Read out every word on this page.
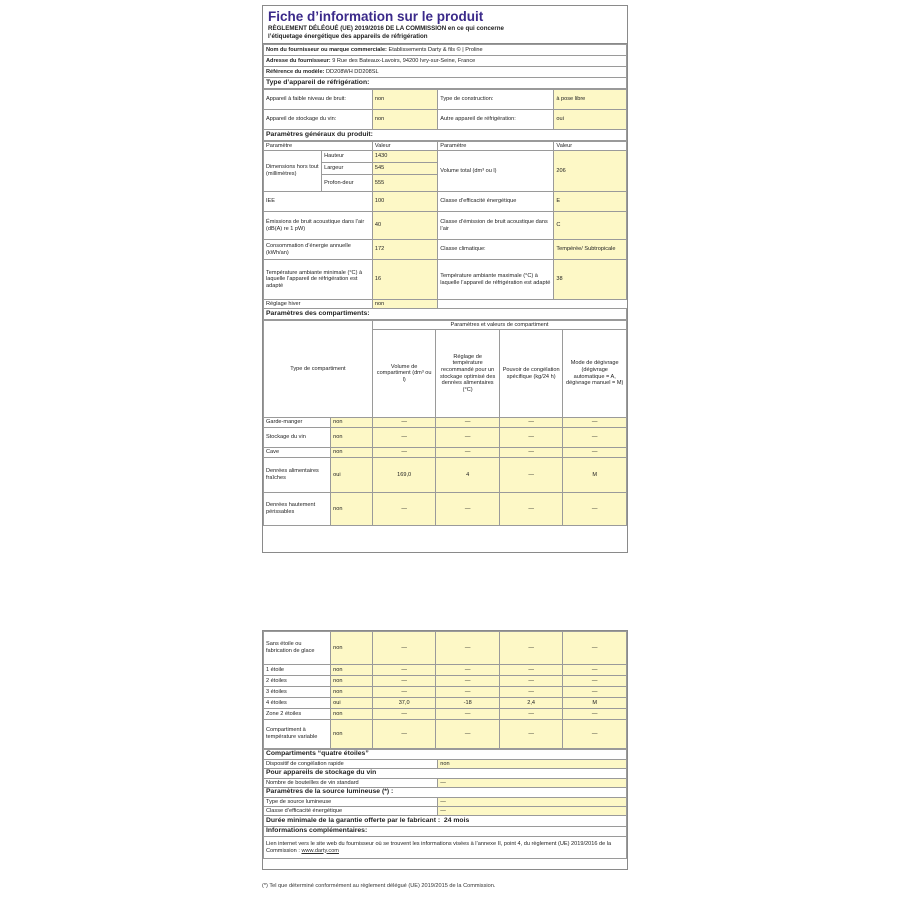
Fiche d’information sur le produit
RÈGLEMENT DÉLÉGUÉ (UE) 2019/2016 DE LA COMMISSION en ce qui concerne
l’étiquetage énergétique des appareils de réfrigération
Nom du fournisseur ou marque commerciale: Etablissements Darty & fils © | Proline
Adresse du fournisseur: 9 Rue des Bateaux-Lavoirs, 94200 Ivry-sur-Seine, France
Référence du modèle: DD208WH DD208SL
Type d’appareil de réfrigération:
Appareil à faible niveau de bruit:	non	Type de construction:	à pose libre
Appareil de stockage du vin:	non	Autre appareil de réfrigération:	oui
Paramètres généraux du produit:			
Paramètre		Valeur	Paramètre	Valeur
Dimensions hors tout (millimètres)	Hauteur	1430	Volume total (dm³ ou l)	206
	Largeur	545		
	Profon-deur	555		
IEE		100	Classe d’efficacité énergétique	E
Émissions de bruit acoustique dans l’air (dB(A) re 1 pW)		40	Classe d’émission de bruit acoustique dans l’air	C
Consommation d’énergie annuelle (kWh/an)		172	Classe climatique:	Tempérée/ Subtropicale
Température ambiante minimale (°C) à laquelle l’appareil de réfrigération est adapté		16	Température ambiante maximale (°C) à laquelle l’appareil de réfrigération est adapté	38
Réglage hiver		non		
Paramètres des compartiments:				
Type de compartiment		Paramètres et valeurs de compartiment			
		Volume de compartiment (dm³ ou l)	Réglage de température recommandé pour un stockage optimisé des denrées alimentaires (°C)	Pouvoir de congélation spécifique (kg/24 h)	Mode de dégivrage (dégivrage automatique = A, dégivrage manuel = M)
Garde-manger	non	—	—	—	—
Stockage du vin	non	—	—	—	—
Cave	non	—	—	—	—
Denrées alimentaires fraîches	oui	169,0	4	—	M
Denrées hautement périssables	non	—	—	—	—
Sans étoile ou fabrication de glace	non	—	—	—	—
1 étoile	non	—	—	—	—
2 étoiles	non	—	—	—	—
3 étoiles	non	—	—	—	—
4 étoiles	oui	37,0	-18	2,4	M
Zone 2 étoiles	non	—	—	—	—
Compartiment à température variable	non	—	—	—	—
Compartiments “quatre étoiles”	
Dispositif de congélation rapide	non
Pour appareils de stockage du vin	
Nombre de bouteilles de vin standard	—
Paramètres de la source lumineuse (*) :	
Type de source lumineuse	—
Classe d’efficacité énergétique	—
Durée minimale de la garantie offerte par le fabricant : 24 mois	
Informations complémentaires:	
Lien internet vers le site web du fournisseur où se trouvent les informations visées à l’annexe II, point 4, du règlement (UE) 2019/2016 de la Commission : www.darty.com	
(*) Tel que déterminé conformément au règlement délégué (UE) 2019/2015 de la Commission.
